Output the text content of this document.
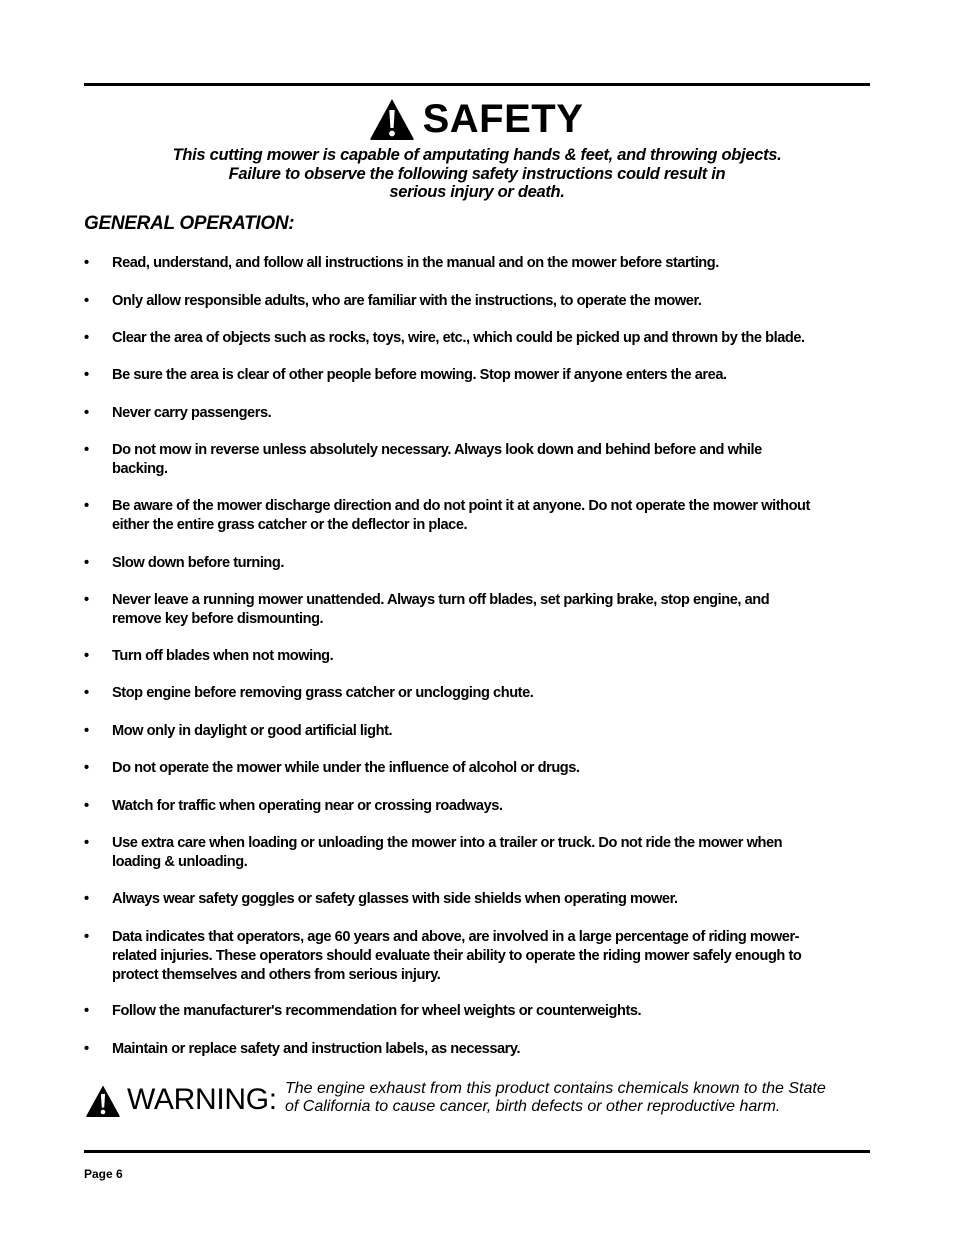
SAFETY
This cutting mower is capable of amputating hands & feet, and throwing objects.
Failure to observe the following safety instructions could result in
serious injury or death.
GENERAL OPERATION:
• Read, understand, and follow all instructions in the manual and on the mower before starting.
• Only allow responsible adults, who are familiar with the instructions, to operate the mower.
• Clear the area of objects such as rocks, toys, wire, etc., which could be picked up and thrown by the blade.
• Be sure the area is clear of other people before mowing. Stop mower if anyone enters the area.
• Never carry passengers.
• Do not mow in reverse unless absolutely necessary. Always look down and behind before and while
backing.
• Be aware of the mower discharge direction and do not point it at anyone. Do not operate the mower without
either the entire grass catcher or the deflector in place.
• Slow down before turning.
• Never leave a running mower unattended. Always turn off blades, set parking brake, stop engine, and
remove key before dismounting.
• Turn off blades when not mowing.
• Stop engine before removing grass catcher or unclogging chute.
• Mow only in daylight or good artificial light.
• Do not operate the mower while under the influence of alcohol or drugs.
• Watch for traffic when operating near or crossing roadways.
• Use extra care when loading or unloading the mower into a trailer or truck. Do not ride the mower when
loading & unloading.
• Always wear safety goggles or safety glasses with side shields when operating mower.
• Data indicates that operators, age 60 years and above, are involved in a large percentage of riding mower-
related injuries. These operators should evaluate their ability to operate the riding mower safely enough to
protect themselves and others from serious injury.
• Follow the manufacturer's recommendation for wheel weights or counterweights.
• Maintain or replace safety and instruction labels, as necessary.
WARNING: The engine exhaust from this product contains chemicals known to the State
of California to cause cancer, birth defects or other reproductive harm.
Page 6
